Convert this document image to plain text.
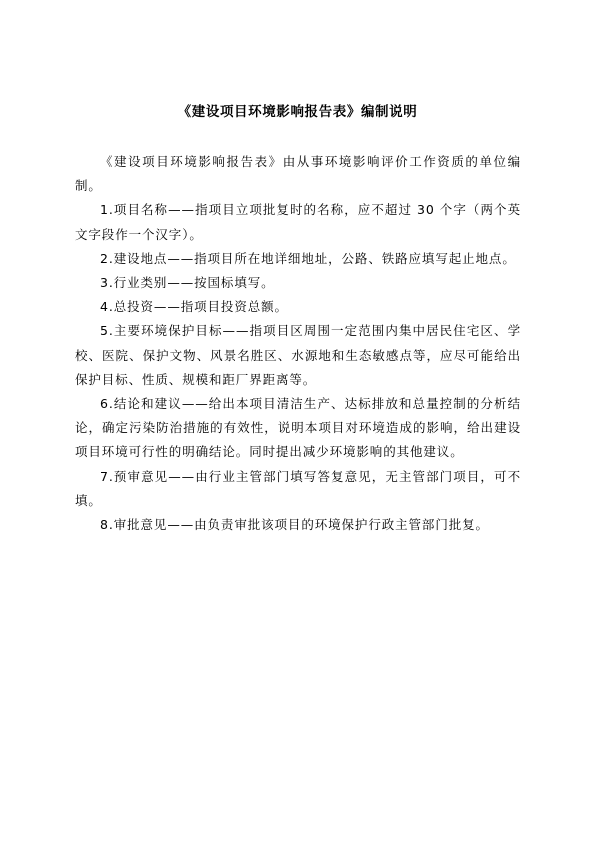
《建设项目环境影响报告表》编制说明

《建设项目环境影响报告表》由从事环境影响评价工作资质的单位编制。

1.项目名称——指项目立项批复时的名称，应不超过 30 个字（两个英文字段作一个汉字）。

2.建设地点——指项目所在地详细地址，公路、铁路应填写起止地点。

3.行业类别——按国标填写。

4.总投资——指项目投资总额。

5.主要环境保护目标——指项目区周围一定范围内集中居民住宅区、学校、医院、保护文物、风景名胜区、水源地和生态敏感点等，应尽可能给出保护目标、性质、规模和距厂界距离等。

6.结论和建议——给出本项目清洁生产、达标排放和总量控制的分析结论，确定污染防治措施的有效性，说明本项目对环境造成的影响，给出建设项目环境可行性的明确结论。同时提出减少环境影响的其他建议。

7.预审意见——由行业主管部门填写答复意见，无主管部门项目，可不填。

8.审批意见——由负责审批该项目的环境保护行政主管部门批复。
